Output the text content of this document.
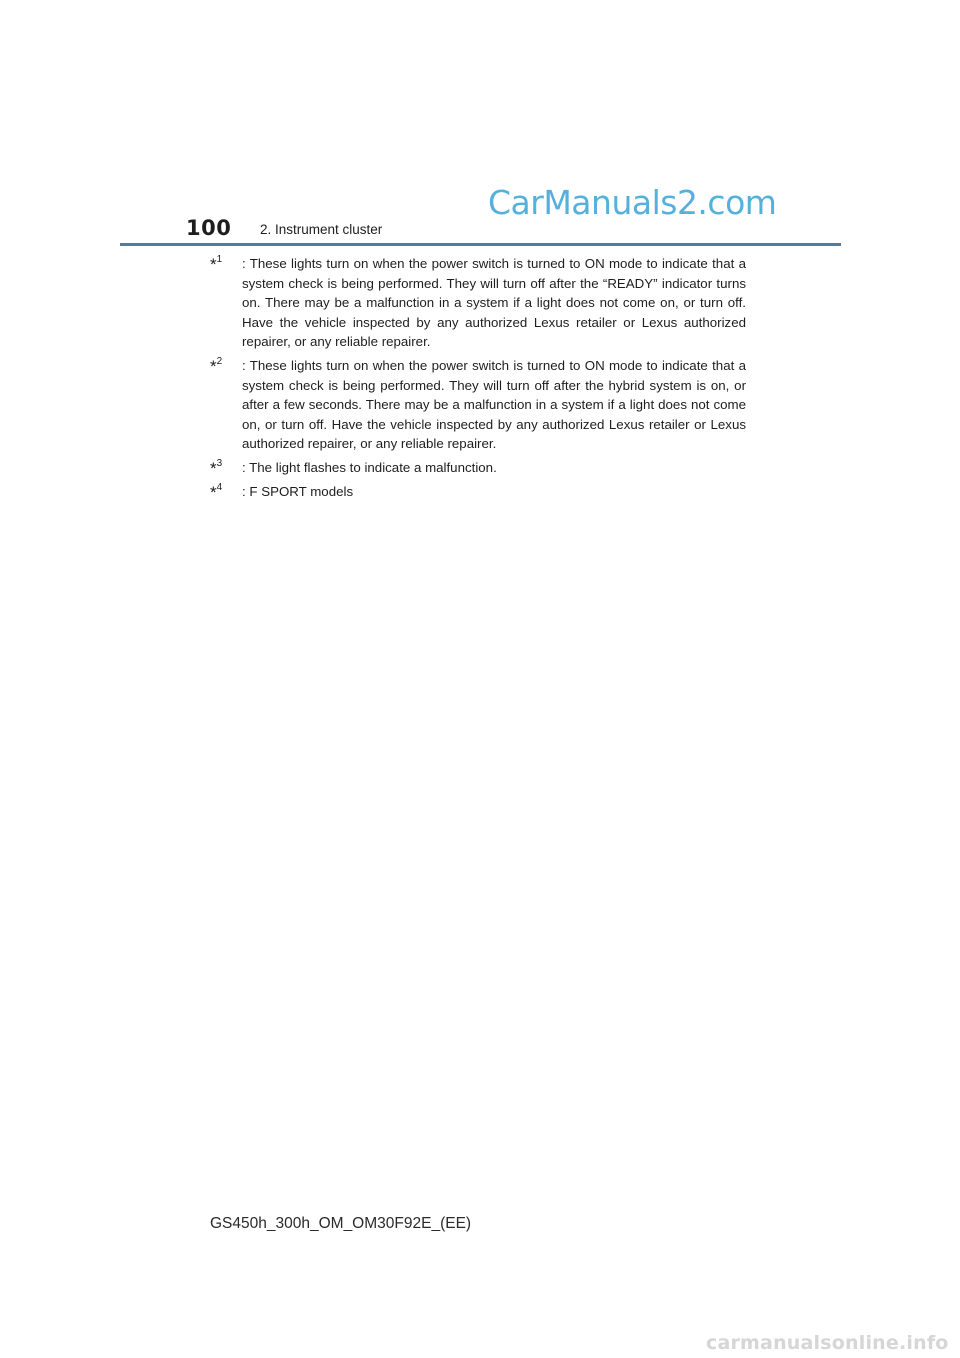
100 2. Instrument cluster
CarManuals2.com
*$^1$	: These lights turn on when the power switch is turned to ON mode to indicate that a system check is being performed. They will turn off after the “READY” indicator turns on. There may be a malfunction in a system if a light does not come on, or turn off. Have the vehicle inspected by any authorized Lexus retailer or Lexus authorized repairer, or any reliable repairer.
*$^2$	: These lights turn on when the power switch is turned to ON mode to indicate that a system check is being performed. They will turn off after the hybrid system is on, or after a few seconds. There may be a malfunction in a system if a light does not come on, or turn off. Have the vehicle inspected by any authorized Lexus retailer or Lexus authorized repairer, or any reliable repairer.
*$^3$	: The light flashes to indicate a malfunction.
*$^4$	: F SPORT models
GS450h_300h_OM_OM30F92E_(EE)
carmanualsonline.info
